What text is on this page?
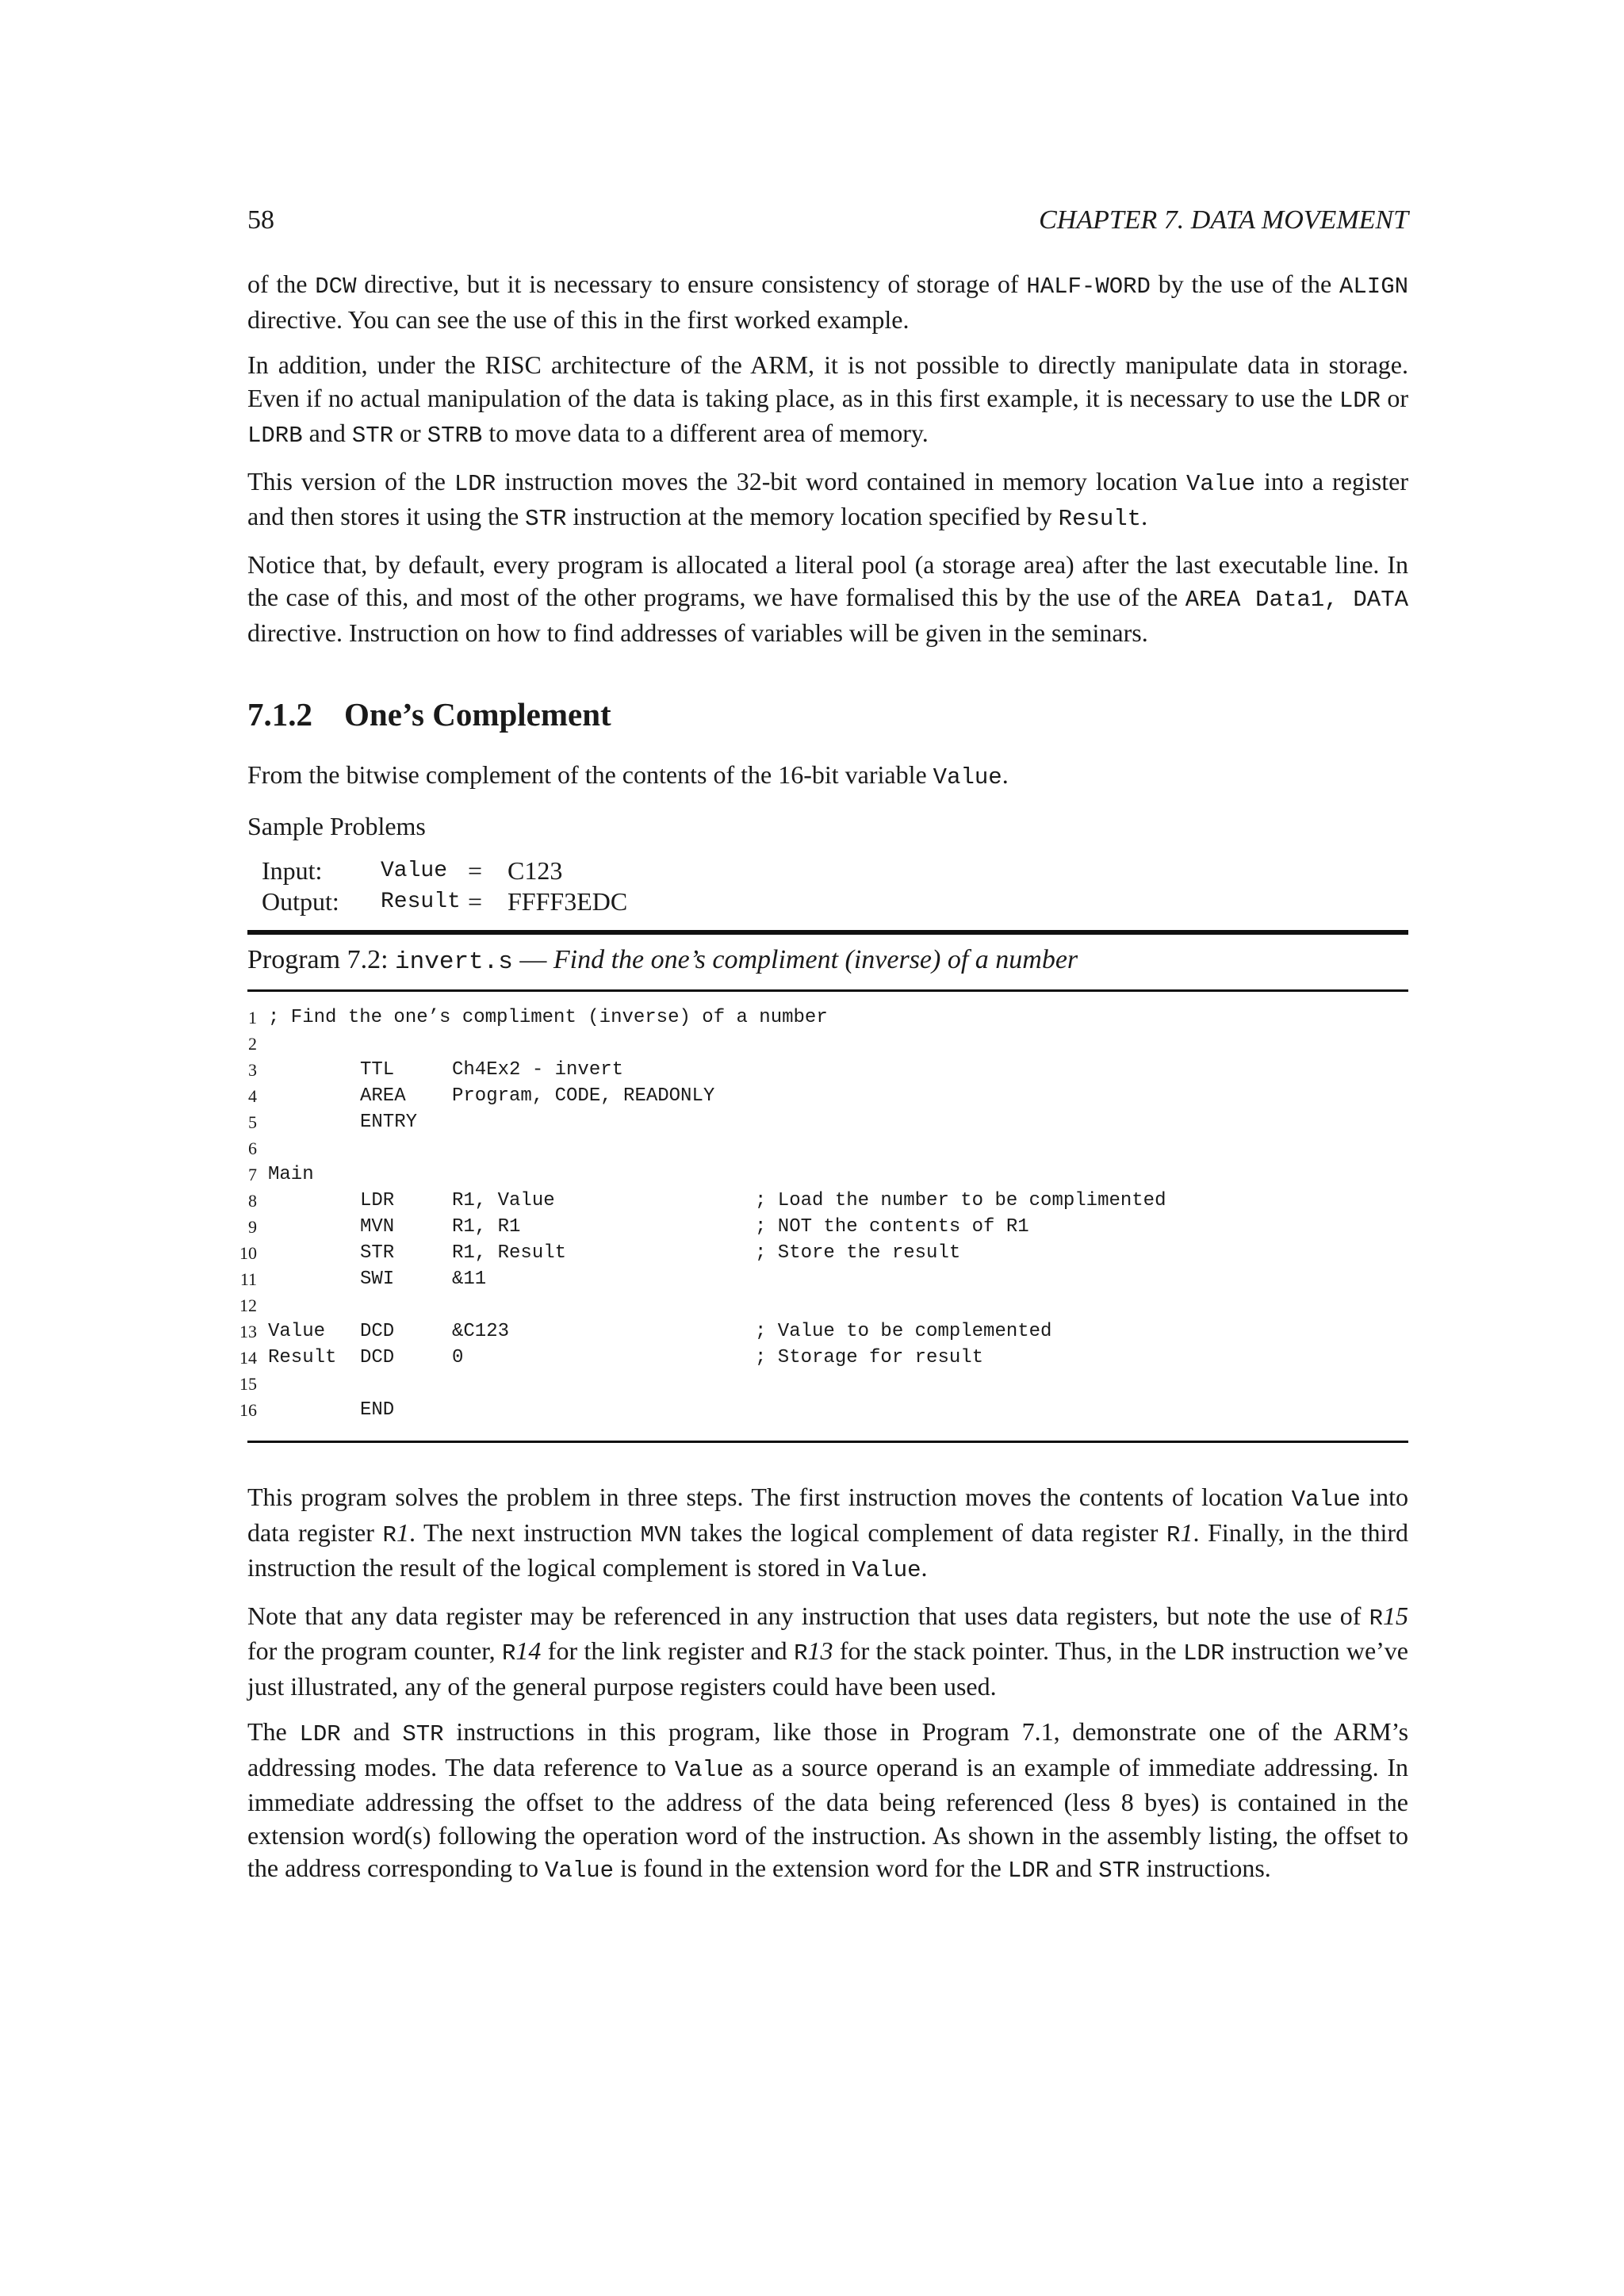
58	CHAPTER 7. DATA MOVEMENT

of the DCW directive, but it is necessary to ensure consistency of storage of HALF-WORD by the use of the ALIGN directive. You can see the use of this in the first worked example.

In addition, under the RISC architecture of the ARM, it is not possible to directly manipulate data in storage. Even if no actual manipulation of the data is taking place, as in this first example, it is necessary to use the LDR or LDRB and STR or STRB to move data to a different area of memory.

This version of the LDR instruction moves the 32-bit word contained in memory location Value into a register and then stores it using the STR instruction at the memory location specified by Result.

Notice that, by default, every program is allocated a literal pool (a storage area) after the last executable line. In the case of this, and most of the other programs, we have formalised this by the use of the AREA Data1, DATA directive. Instruction on how to find addresses of variables will be given in the seminars.

7.1.2 One’s Complement

From the bitwise complement of the contents of the 16-bit variable Value.

Sample Problems

Input:	Value = C123
Output:	Result = FFFF3EDC
Program 7.2: invert.s — Find the one’s compliment (inverse) of a number
1 ; Find the one’s compliment (inverse) of a number
2
3	TTL	Ch4Ex2 - invert
4	AREA Program, CODE, READONLY
5	ENTRY
6
7 Main
8	LDR	R1, Value	; Load the number to be complimented
9	MVN	R1, R1	; NOT the contents of R1
10	STR	R1, Result	; Store the result
11	SWI	&11
12
13 Value DCD	&C123	; Value to be complemented
14 Result DCD	0	; Storage for result
15
16	END

This program solves the problem in three steps. The first instruction moves the contents of location Value into data register R1. The next instruction MVN takes the logical complement of data register R1. Finally, in the third instruction the result of the logical complement is stored in Value.

Note that any data register may be referenced in any instruction that uses data registers, but note the use of R15 for the program counter, R14 for the link register and R13 for the stack pointer. Thus, in the LDR instruction we’ve just illustrated, any of the general purpose registers could have been used.

The LDR and STR instructions in this program, like those in Program 7.1, demonstrate one of the ARM’s addressing modes. The data reference to Value as a source operand is an example of immediate addressing. In immediate addressing the offset to the address of the data being referenced (less 8 byes) is contained in the extension word(s) following the operation word of the instruction. As shown in the assembly listing, the offset to the address corresponding to Value is found in the extension word for the LDR and STR instructions.
